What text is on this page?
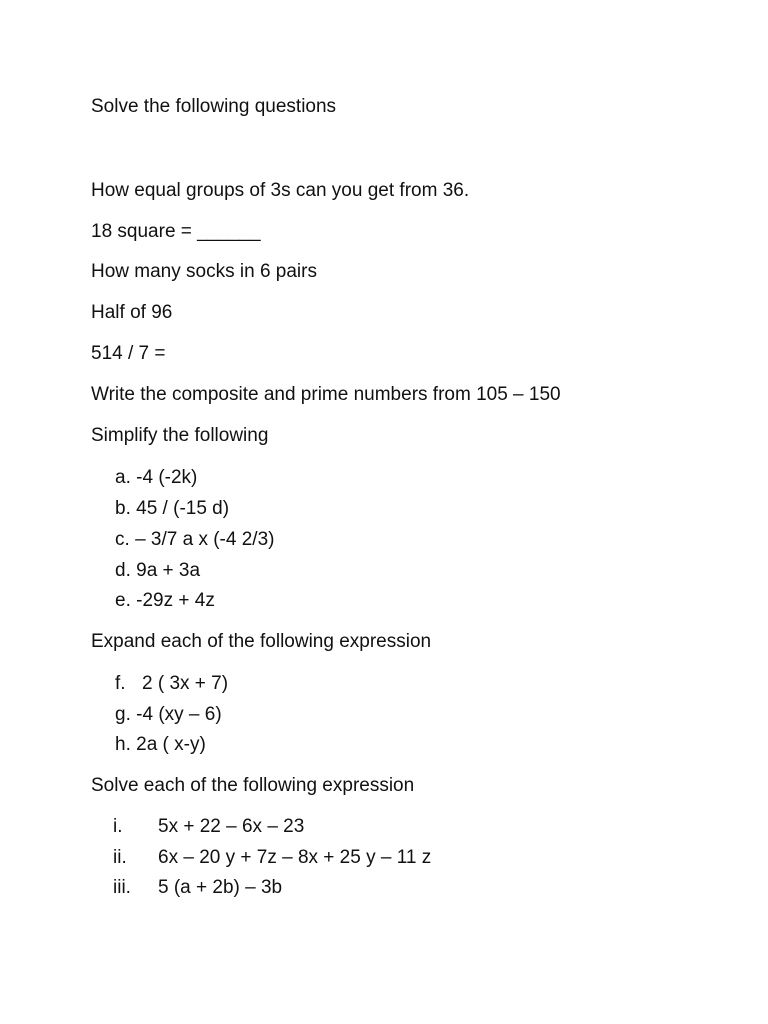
Solve the following questions
How equal groups of 3s can you get from 36.
18 square = ______
How many socks in 6 pairs
Half of 96
514 / 7 =
Write the composite and prime numbers from 105 – 150
Simplify the following
a. -4 (-2k)
b. 45 / (-15 d)
c. – 3/7 a x (-4 2/3)
d. 9a + 3a
e. -29z + 4z
Expand each of the following expression
f. 2 ( 3x + 7)
g. -4 (xy – 6)
h. 2a ( x-y)
Solve each of the following expression
i. 5x + 22 – 6x – 23
ii. 6x – 20 y + 7z – 8x + 25 y – 11 z
iii. 5 (a + 2b) – 3b
